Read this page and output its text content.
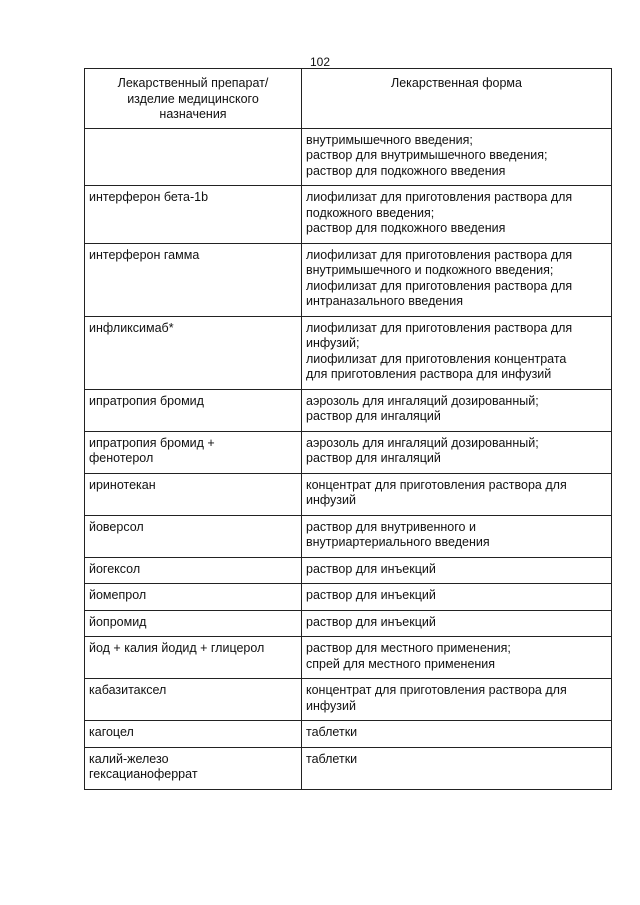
102
Лекарственный препарат/
изделие медицинского
назначения	Лекарственная форма

	внутримышечного введения;
раствор для внутримышечного введения;
раствор для подкожного введения

интерферон бета-1b	лиофилизат для приготовления раствора для
подкожного введения;
раствор для подкожного введения

интерферон гамма	лиофилизат для приготовления раствора для
внутримышечного и подкожного введения;
лиофилизат для приготовления раствора для
интраназального введения

инфликсимаб*	лиофилизат для приготовления раствора для
инфузий;
лиофилизат для приготовления концентрата
для приготовления раствора для инфузий

ипратропия бромид	аэрозоль для ингаляций дозированный;
раствор для ингаляций

ипратропия бромид +
фенотерол	аэрозоль для ингаляций дозированный;
раствор для ингаляций

иринотекан	концентрат для приготовления раствора для
инфузий

йоверсол	раствор для внутривенного и
внутриартериального введения

йогексол	раствор для инъекций

йомепрол	раствор для инъекций

йопромид	раствор для инъекций

йод + калия йодид + глицерол	раствор для местного применения;
спрей для местного применения

кабазитаксел	концентрат для приготовления раствора для
инфузий

кагоцел	таблетки

калий-железо
гексацианоферрат	таблетки
